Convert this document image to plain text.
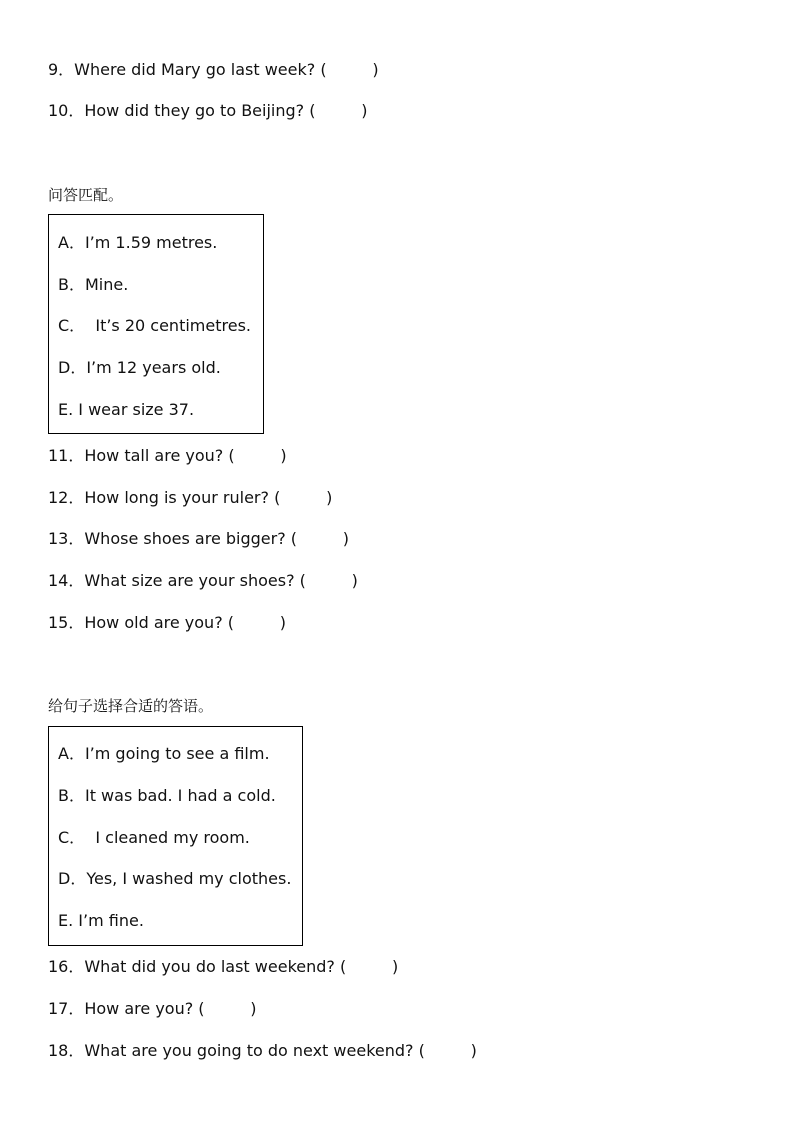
9．Where did Mary go last week? (         )
10．How did they go to Beijing? (         )
问答匹配。
A．I’m 1.59 metres.
B．Mine.
C．  It’s 20 centimetres.
D．I’m 12 years old.
E. I wear size 37.
11．How tall are you? (         )
12．How long is your ruler? (         )
13．Whose shoes are bigger? (         )
14．What size are your shoes? (         )
15．How old are you? (         )
给句子选择合适的答语。
A．I’m going to see a film.
B．It was bad. I had a cold.
C．  I cleaned my room.
D．Yes, I washed my clothes.
E. I’m fine.
16．What did you do last weekend? (         )
17．How are you? (         )
18．What are you going to do next weekend? (         )
